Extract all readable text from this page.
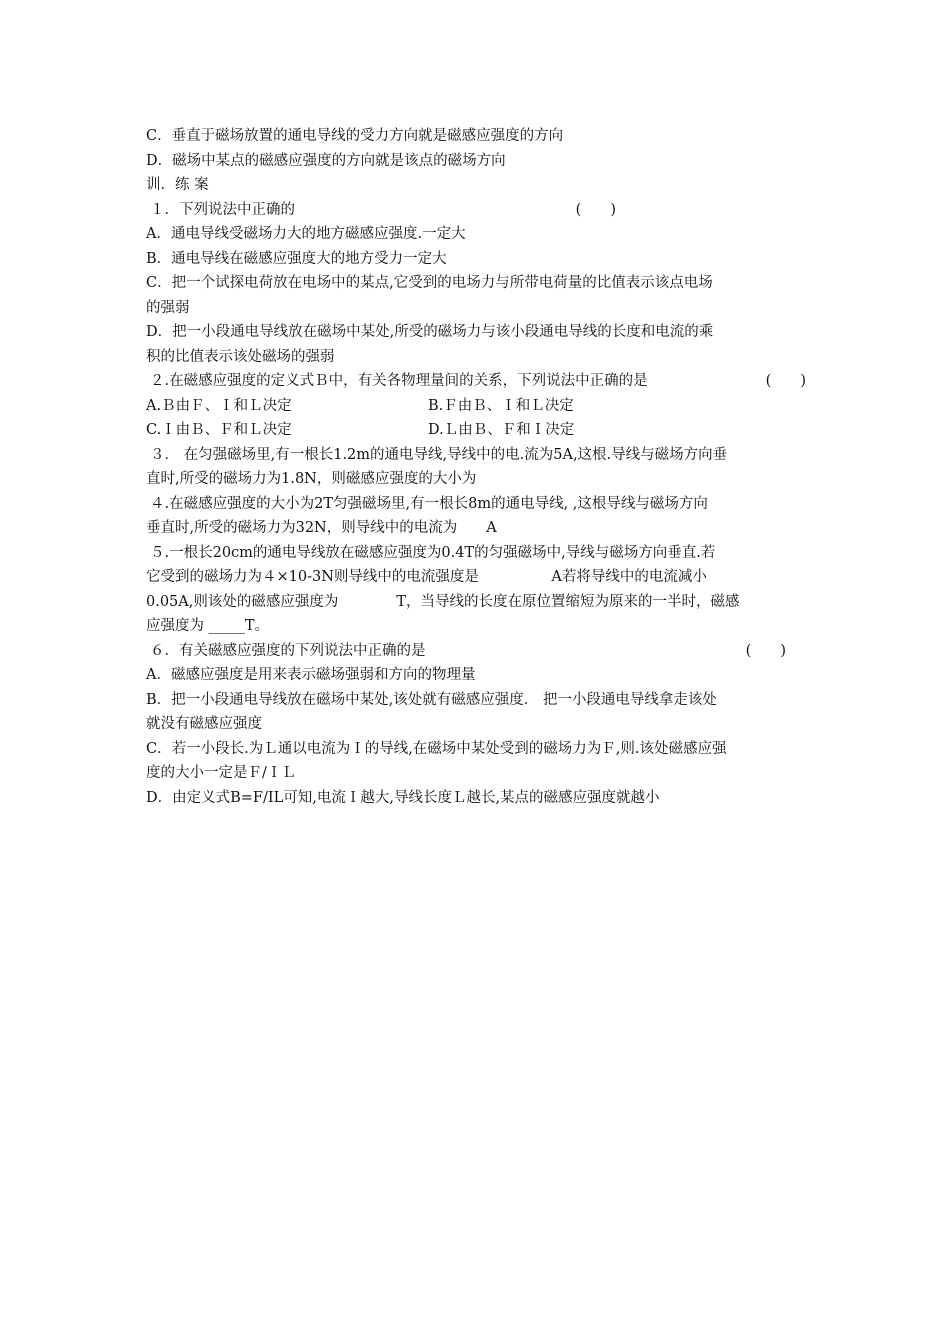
C．垂直于磁场放置的通电导线的受力方向就是磁感应强度的方向
D．磁场中某点的磁感应强度的方向就是该点的磁场方向
训．练 案
１．下列说法中正确的	(　　)
A．通电导线受磁场力大的地方磁感应强度.一定大
B．通电导线在磁感应强度大的地方受力一定大
C．把一个试探电荷放在电场中的某点,它受到的电场力与所带电荷量的比值表示该点电场
的强弱
D．把一小段通电导线放在磁场中某处,所受的磁场力与该小段通电导线的长度和电流的乘
积的比值表示该处磁场的强弱
２.在磁感应强度的定义式Ｂ中，有关各物理量间的关系，下列说法中正确的是	(　　)
A.Ｂ由Ｆ、Ｉ和Ｌ决定	B.Ｆ由Ｂ、Ｉ和Ｌ决定
C.Ｉ由Ｂ、Ｆ和Ｌ决定	D.Ｌ由Ｂ、Ｆ和Ｉ决定
３． 在匀强磁场里,有一根长1.2m的通电导线,导线中的电.流为5A,这根.导线与磁场方向垂
直时,所受的磁场力为1.8N，则磁感应强度的大小为
４.在磁感应强度的大小为2T匀强磁场里,有一根长8m的通电导线, ,这根导线与磁场方向
垂直时,所受的磁场力为32N，则导线中的电流为　　A
５.一根长20cm的通电导线放在磁感应强度为0.4T的匀强磁场中,导线与磁场方向垂直.若
它受到的磁场力为４×10-3N则导线中的电流强度是　　　　　A若将导线中的电流减小
0.05A,则该处的磁感应强度为　　　　T，当导线的长度在原位置缩短为原来的一半时，磁感
应强度为 _____T。
６．有关磁感应强度的下列说法中正确的是	(　　)
A．磁感应强度是用来表示磁场强弱和方向的物理量
B．把一小段通电导线放在磁场中某处,该处就有磁感应强度． 把一小段通电导线拿走该处
就没有磁感应强度
C．若一小段长.为Ｌ通以电流为Ｉ的导线,在磁场中某处受到的磁场力为Ｆ,则.该处磁感应强
度的大小一定是Ｆ/ＩＬ
D．由定义式B=F/IL可知,电流Ｉ越大,导线长度Ｌ越长,某点的磁感应强度就越小
